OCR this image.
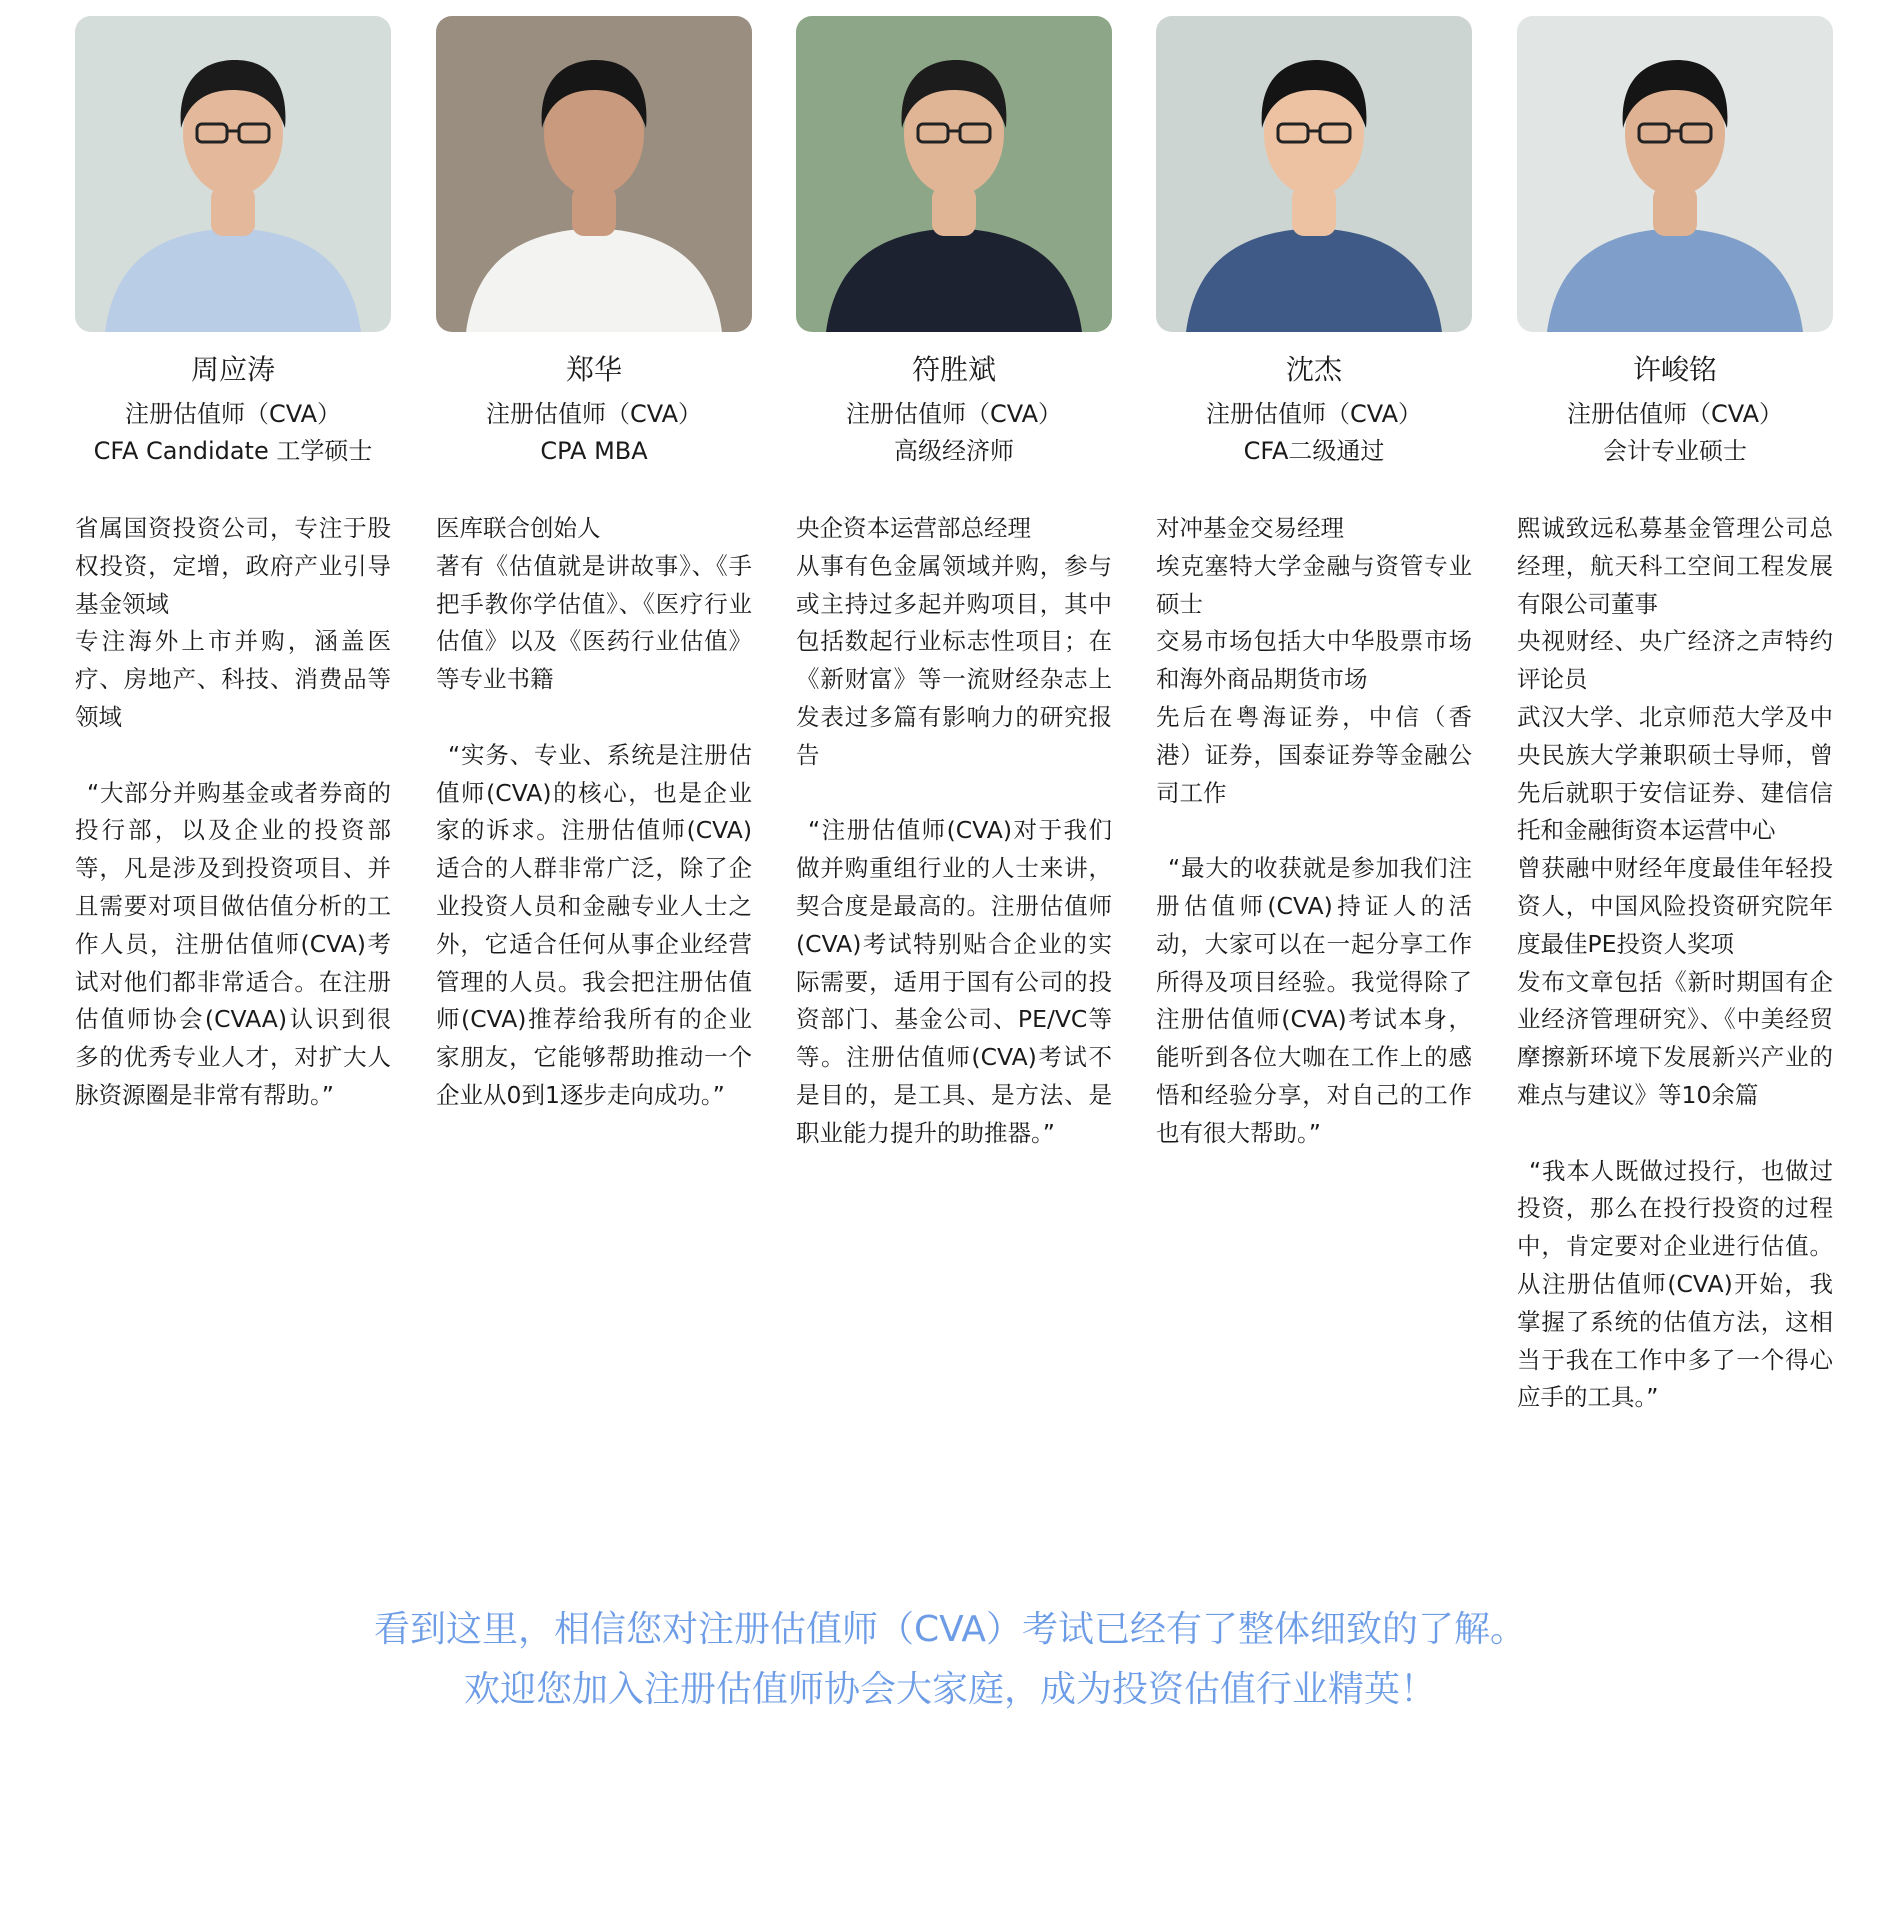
周应涛
注册估值师（CVA）
CFA Candidate 工学硕士

省属国资投资公司，专注于股权投资，定增，政府产业引导基金领域

专注海外上市并购，涵盖医疗、房地产、科技、消费品等领域

“大部分并购基金或者券商的投行部，以及企业的投资部等，凡是涉及到投资项目、并且需要对项目做估值分析的工作人员，注册估值师(CVA)考试对他们都非常适合。在注册估值师协会(CVAA)认识到很多的优秀专业人才，对扩大人脉资源圈是非常有帮助。”
郑华
注册估值师（CVA）
CPA MBA

医库联合创始人

著有《估值就是讲故事》、《手把手教你学估值》、《医疗行业估值》以及《医药行业估值》等专业书籍

“实务、专业、系统是注册估值师(CVA)的核心，也是企业家的诉求。注册估值师(CVA)适合的人群非常广泛，除了企业投资人员和金融专业人士之外，它适合任何从事企业经营管理的人员。我会把注册估值师(CVA)推荐给我所有的企业家朋友，它能够帮助推动一个企业从0到1逐步走向成功。”
符胜斌
注册估值师（CVA）
高级经济师

央企资本运营部总经理

从事有色金属领域并购，参与或主持过多起并购项目，其中包括数起行业标志性项目；在《新财富》等一流财经杂志上发表过多篇有影响力的研究报告

“注册估值师(CVA)对于我们做并购重组行业的人士来讲，契合度是最高的。注册估值师(CVA)考试特别贴合企业的实际需要，适用于国有公司的投资部门、基金公司、PE/VC等等。注册估值师(CVA)考试不是目的，是工具、是方法、是职业能力提升的助推器。”
沈杰
注册估值师（CVA）
CFA二级通过

对冲基金交易经理

埃克塞特大学金融与资管专业硕士

交易市场包括大中华股票市场和海外商品期货市场

先后在粤海证券，中信（香港）证券，国泰证券等金融公司工作

“最大的收获就是参加我们注册估值师(CVA)持证人的活动，大家可以在一起分享工作所得及项目经验。我觉得除了注册估值师(CVA)考试本身，能听到各位大咖在工作上的感悟和经验分享，对自己的工作也有很大帮助。”
许峻铭
注册估值师（CVA）
会计专业硕士

熙诚致远私募基金管理公司总经理，航天科工空间工程发展有限公司董事

央视财经、央广经济之声特约评论员

武汉大学、北京师范大学及中央民族大学兼职硕士导师，曾先后就职于安信证券、建信信托和金融街资本运营中心

曾获融中财经年度最佳年轻投资人，中国风险投资研究院年度最佳PE投资人奖项

发布文章包括《新时期国有企业经济管理研究》、《中美经贸摩擦新环境下发展新兴产业的难点与建议》等10余篇

“我本人既做过投行，也做过投资，那么在投行投资的过程中，肯定要对企业进行估值。从注册估值师(CVA)开始，我掌握了系统的估值方法，这相当于我在工作中多了一个得心应手的工具。”
看到这里，相信您对注册估值师（CVA）考试已经有了整体细致的了解。
欢迎您加入注册估值师协会大家庭，成为投资估值行业精英！
